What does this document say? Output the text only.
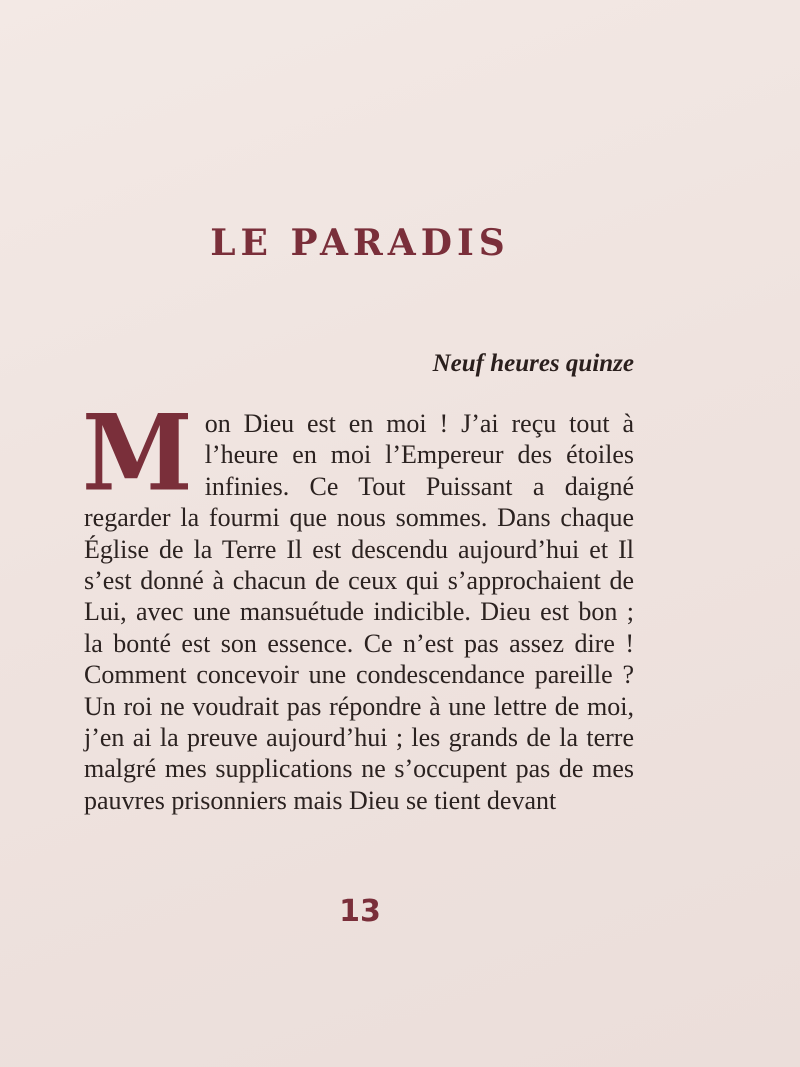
LE PARADIS

Neuf heures quinze

Mon Dieu est en moi ! J’ai reçu tout à l’heure en moi l’Empereur des étoiles infinies. Ce Tout Puissant a daigné regarder la fourmi que nous sommes. Dans chaque Église de la Terre Il est descendu aujourd’hui et Il s’est donné à chacun de ceux qui s’approchaient de Lui, avec une mansuétude indicible. Dieu est bon ; la bonté est son essence. Ce n’est pas assez dire ! Comment concevoir une condescendance pareille ? Un roi ne voudrait pas répondre à une lettre de moi, j’en ai la preuve aujourd’hui ; les grands de la terre malgré mes supplications ne s’occupent pas de mes pauvres prisonniers mais Dieu se tient devant

13
